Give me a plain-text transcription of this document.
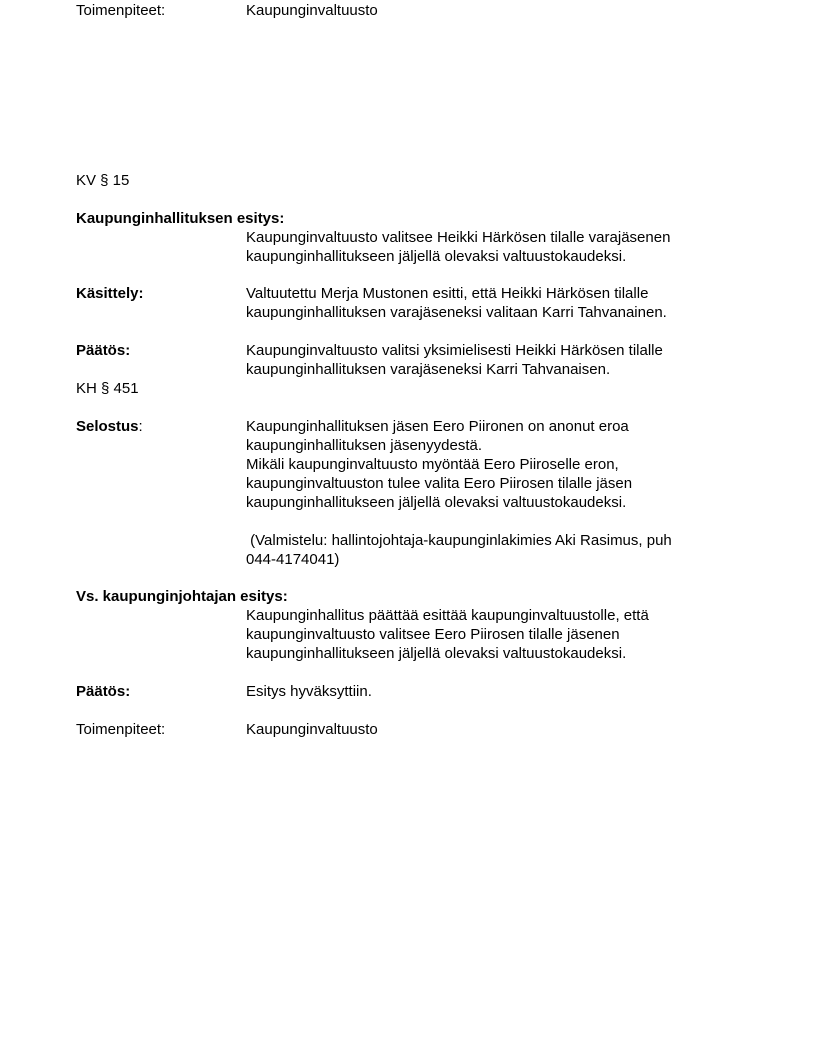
Toimenpiteet:	Kaupunginvaltuusto
KV § 15
Kaupunginhallituksen esitys:
Kaupunginvaltuusto valitsee Heikki Härkösen tilalle varajäsenen
kaupunginhallitukseen jäljellä olevaksi valtuustokaudeksi.
Käsittely:	Valtuutettu Merja Mustonen esitti, että Heikki Härkösen tilalle
kaupunginhallituksen varajäseneksi valitaan Karri Tahvanainen.
Päätös:	Kaupunginvaltuusto valitsi yksimielisesti Heikki Härkösen tilalle
kaupunginhallituksen varajäseneksi Karri Tahvanaisen.
KH § 451
Selostus:	Kaupunginhallituksen jäsen Eero Piironen on anonut eroa
kaupunginhallituksen jäsenyydestä.
Mikäli kaupunginvaltuusto myöntää Eero Piiroselle eron,
kaupunginvaltuuston tulee valita Eero Piirosen tilalle jäsen
kaupunginhallitukseen jäljellä olevaksi valtuustokaudeksi.
(Valmistelu: hallintojohtaja-kaupunginlakimies Aki Rasimus, puh
044-4174041)
Vs. kaupunginjohtajan esitys:
Kaupunginhallitus päättää esittää kaupunginvaltuustolle, että
kaupunginvaltuusto valitsee Eero Piirosen tilalle jäsenen
kaupunginhallitukseen jäljellä olevaksi valtuustokaudeksi.
Päätös:	Esitys hyväksyttiin.
Toimenpiteet:	Kaupunginvaltuusto
